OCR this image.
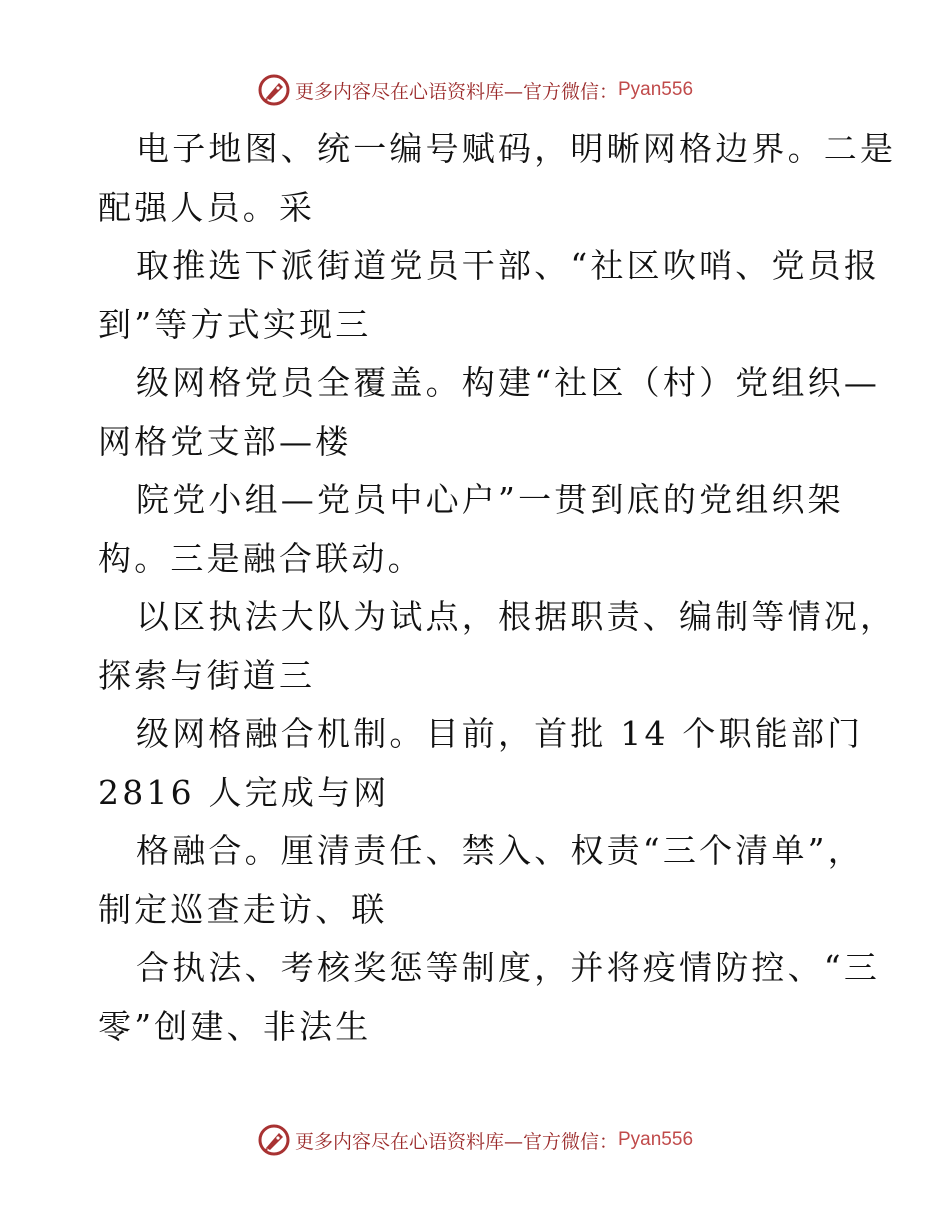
更多内容尽在心语资料库—官方微信： Pyan556
电子地图、统一编号赋码，明晰网格边界。二是
配强人员。采
取推选下派街道党员干部、“社区吹哨、党员报
到”等方式实现三
级网格党员全覆盖。构建“社区（村）党组织—
网格党支部—楼
院党小组—党员中心户”一贯到底的党组织架
构。三是融合联动。
以区执法大队为试点，根据职责、编制等情况，
探索与街道三
级网格融合机制。目前，首批 14 个职能部门
2816 人完成与网
格融合。厘清责任、禁入、权责“三个清单”，
制定巡查走访、联
合执法、考核奖惩等制度，并将疫情防控、“三
零”创建、非法生
更多内容尽在心语资料库—官方微信： Pyan556
